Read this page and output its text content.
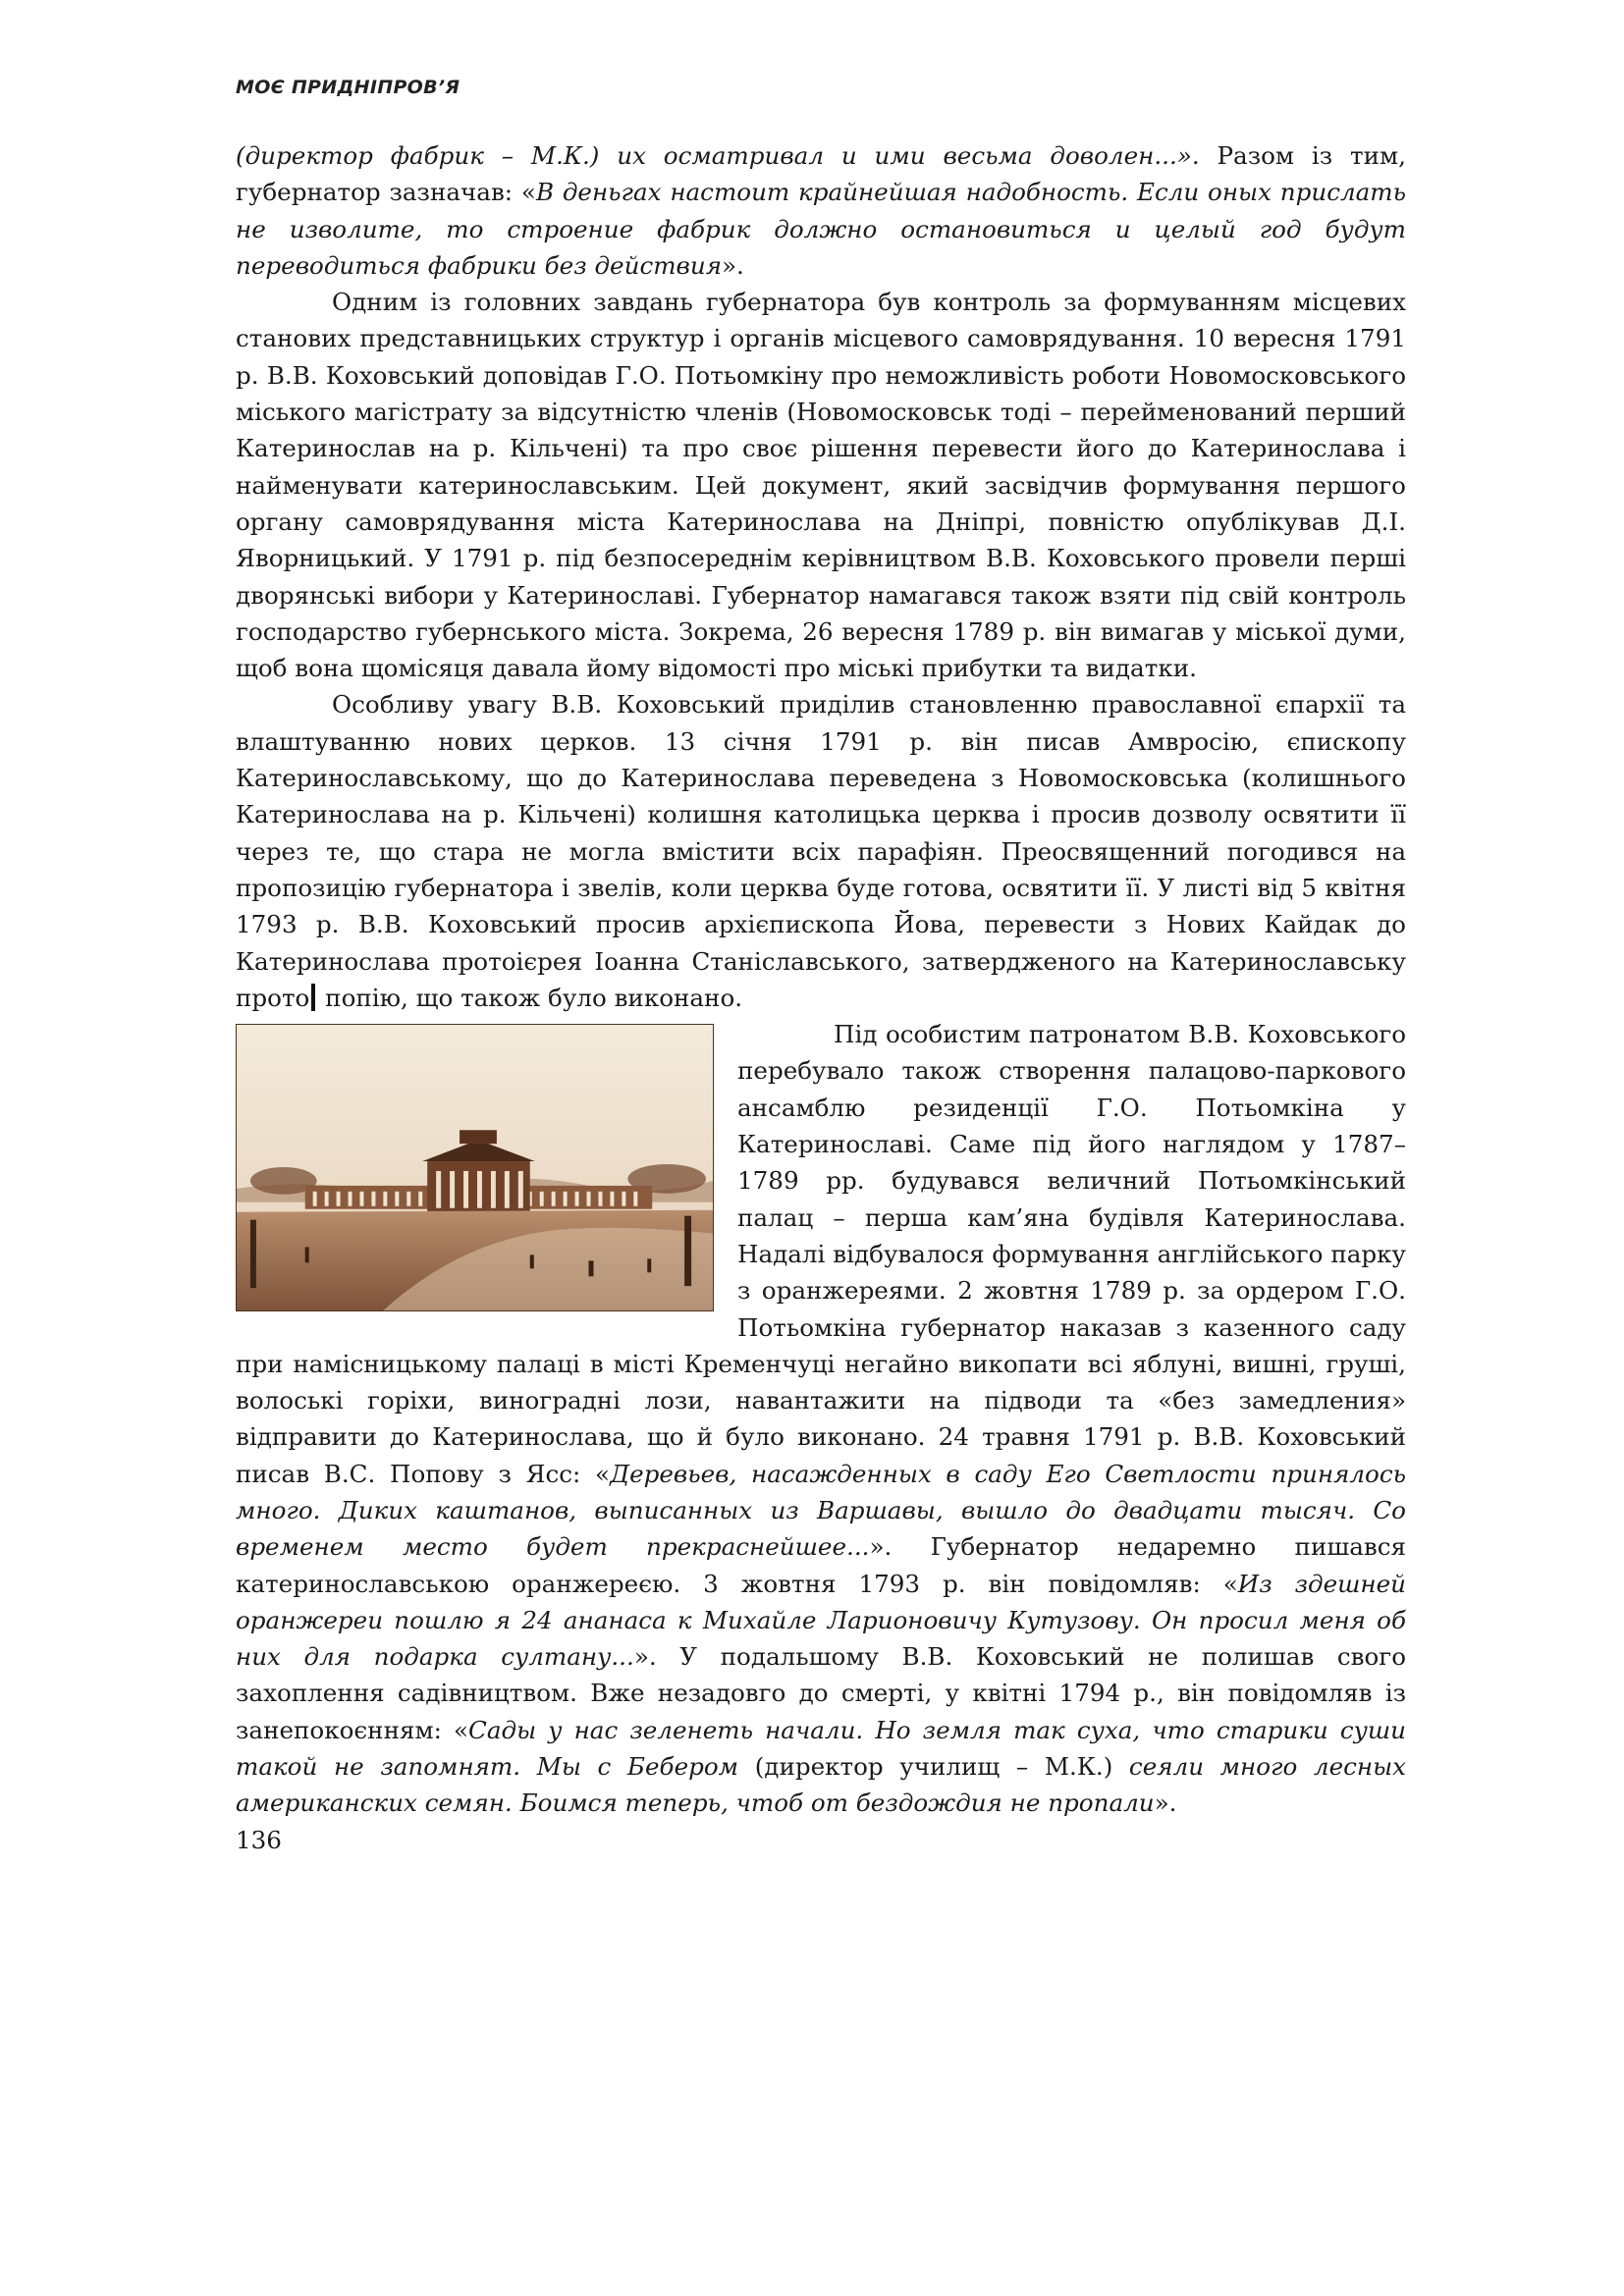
МОЄ ПРИДНІПРОВ’Я

(директор фабрик – М.К.) их осматривал и ими весьма доволен...». Разом із тим, губернатор зазначав: «В деньгах настоит крайнейшая надобность. Если оных прислать не изволите, то строение фабрик должно остановиться и целый год будут переводиться фабрики без действия».

Одним із головних завдань губернатора був контроль за формуванням місцевих станових представницьких структур і органів місцевого самоврядування. 10 вересня 1791 р. В.В. Коховський доповідав Г.О. Потьомкіну про неможливість роботи Новомосковського міського магістрату за відсутністю членів (Новомосковськ тоді – перейменований перший Катеринослав на р. Кільчені) та про своє рішення перевести його до Катеринослава і найменувати катеринославським. Цей документ, який засвідчив формування першого органу самоврядування міста Катеринослава на Дніпрі, повністю опублікував Д.І. Яворницький. У 1791 р. під безпосереднім керівництвом В.В. Коховського провели перші дворянські вибори у Катеринославі. Губернатор намагався також взяти під свій контроль господарство губернського міста. Зокрема, 26 вересня 1789 р. він вимагав у міської думи, щоб вона щомісяця давала йому відомості про міські прибутки та видатки.

Особливу увагу В.В. Коховський приділив становленню православної єпархії та влаштуванню нових церков. 13 січня 1791 р. він писав Амвросію, єпископу Катеринославському, що до Катеринослава переведена з Новомосковська (колишнього Катеринослава на р. Кільчені) колишня католицька церква і просив дозволу освятити її через те, що стара не могла вмістити всіх парафіян. Преосвященний погодився на пропозицію губернатора і звелів, коли церква буде готова, освятити її. У листі від 5 квітня 1793 р. В.В. Коховський просив архієпископа Йова, перевести з Нових Кайдак до Катеринослава протоієрея Іоанна Станіславського, затвердженого на Катеринославську прото попію, що також було виконано.

Під особистим патронатом В.В. Коховського перебувало також створення палацово-паркового ансамблю резиденції Г.О. Потьомкіна у Катеринославі. Саме під його наглядом у 1787–1789 рр. будувався величний Потьомкінський палац – перша кам’яна будівля Катеринослава. Надалі відбувалося формування англійського парку з оранжереями. 2 жовтня 1789 р. за ордером Г.О. Потьомкіна губернатор наказав з казенного саду при намісницькому палаці в місті Кременчуці негайно викопати всі яблуні, вишні, груші, волоські горіхи, виноградні лози, навантажити на підводи та «без замедления» відправити до Катеринослава, що й було виконано. 24 травня 1791 р. В.В. Коховський писав В.С. Попову з Ясс: «Деревьев, насажденных в саду Его Светлости принялось много. Диких каштанов, выписанных из Варшавы, вышло до двадцати тысяч. Со временем место будет прекраснейшее...». Губернатор недаремно пишався катеринославською оранжереєю. 3 жовтня 1793 р. він повідомляв: «Из здешней оранжереи пошлю я 24 ананаса к Михайле Ларионовичу Кутузову. Он просил меня об них для подарка султану...». У подальшому В.В. Коховський не полишав свого захоплення садівництвом. Вже незадовго до смерті, у квітні 1794 р., він повідомляв із занепокоєнням: «Сады у нас зеленеть начали. Но земля так суха, что старики суши такой не запомнят. Мы с Бебером (директор училищ – М.К.) сеяли много лесных американских семян. Боимся теперь, чтоб от бездождия не пропали».

136
